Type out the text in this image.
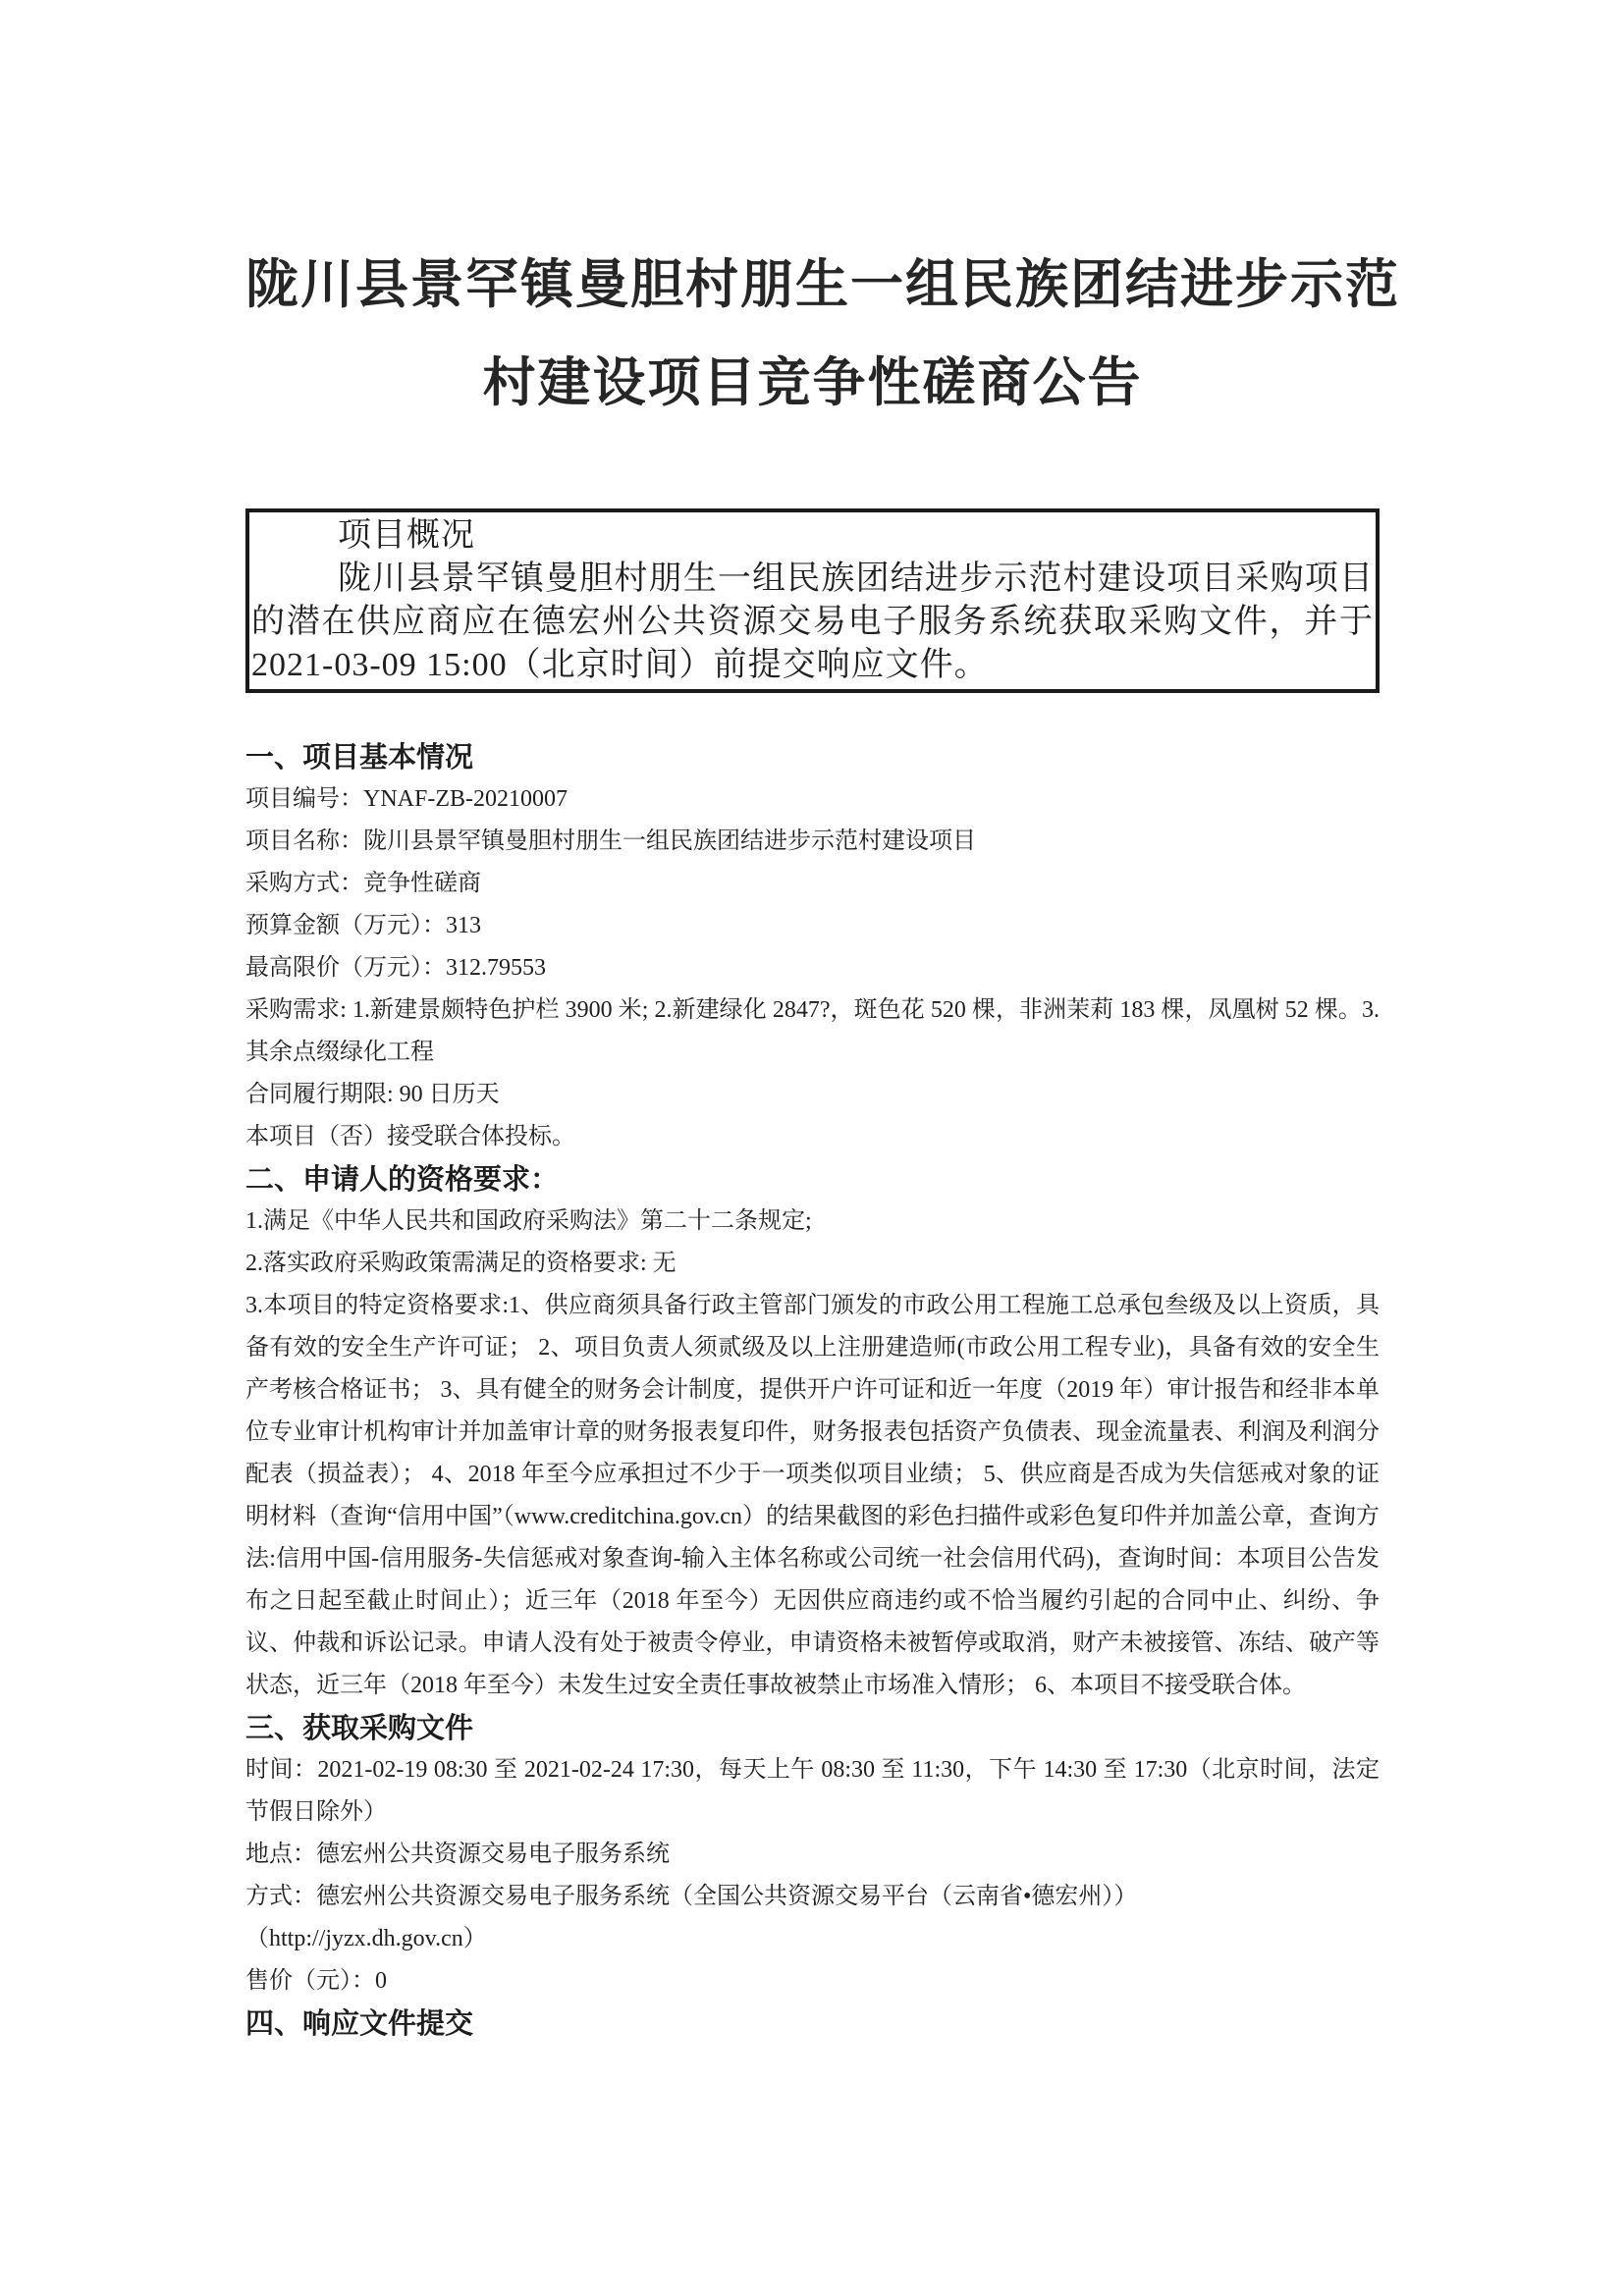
陇川县景罕镇曼胆村朋生一组民族团结进步示范
村建设项目竞争性磋商公告

项目概况

陇川县景罕镇曼胆村朋生一组民族团结进步示范村建设项目采购项目的潜在供应商应在德宏州公共资源交易电子服务系统获取采购文件，并于2021-03-09 15:00（北京时间）前提交响应文件。

一、项目基本情况

项目编号：YNAF-ZB-20210007

项目名称：陇川县景罕镇曼胆村朋生一组民族团结进步示范村建设项目

采购方式：竞争性磋商

预算金额（万元）：313

最高限价（万元）：312.79553

采购需求: 1.新建景颇特色护栏 3900 米; 2.新建绿化 2847?，斑色花 520 棵，非洲茉莉 183 棵，凤凰树 52 棵。3.其余点缀绿化工程

合同履行期限: 90 日历天

本项目（否）接受联合体投标。

二、申请人的资格要求：

1.满足《中华人民共和国政府采购法》第二十二条规定;

2.落实政府采购政策需满足的资格要求: 无

3.本项目的特定资格要求:1、供应商须具备行政主管部门颁发的市政公用工程施工总承包叁级及以上资质，具备有效的安全生产许可证； 2、项目负责人须贰级及以上注册建造师(市政公用工程专业)，具备有效的安全生产考核合格证书； 3、具有健全的财务会计制度，提供开户许可证和近一年度（2019 年）审计报告和经非本单位专业审计机构审计并加盖审计章的财务报表复印件，财务报表包括资产负债表、现金流量表、利润及利润分配表（损益表）； 4、2018 年至今应承担过不少于一项类似项目业绩； 5、供应商是否成为失信惩戒对象的证明材料（查询“信用中国”（www.creditchina.gov.cn）的结果截图的彩色扫描件或彩色复印件并加盖公章，查询方法:信用中国-信用服务-失信惩戒对象查询-输入主体名称或公司统一社会信用代码)，查询时间：本项目公告发布之日起至截止时间止）；近三年（2018 年至今）无因供应商违约或不恰当履约引起的合同中止、纠纷、争议、仲裁和诉讼记录。申请人没有处于被责令停业，申请资格未被暂停或取消，财产未被接管、冻结、破产等状态，近三年（2018 年至今）未发生过安全责任事故被禁止市场准入情形； 6、本项目不接受联合体。

三、获取采购文件

时间：2021-02-19 08:30 至 2021-02-24 17:30，每天上午 08:30 至 11:30，下午 14:30 至 17:30（北京时间，法定节假日除外）

地点：德宏州公共资源交易电子服务系统

方式：德宏州公共资源交易电子服务系统（全国公共资源交易平台（云南省•德宏州））

（http://jyzx.dh.gov.cn）

售价（元）：0

四、响应文件提交
